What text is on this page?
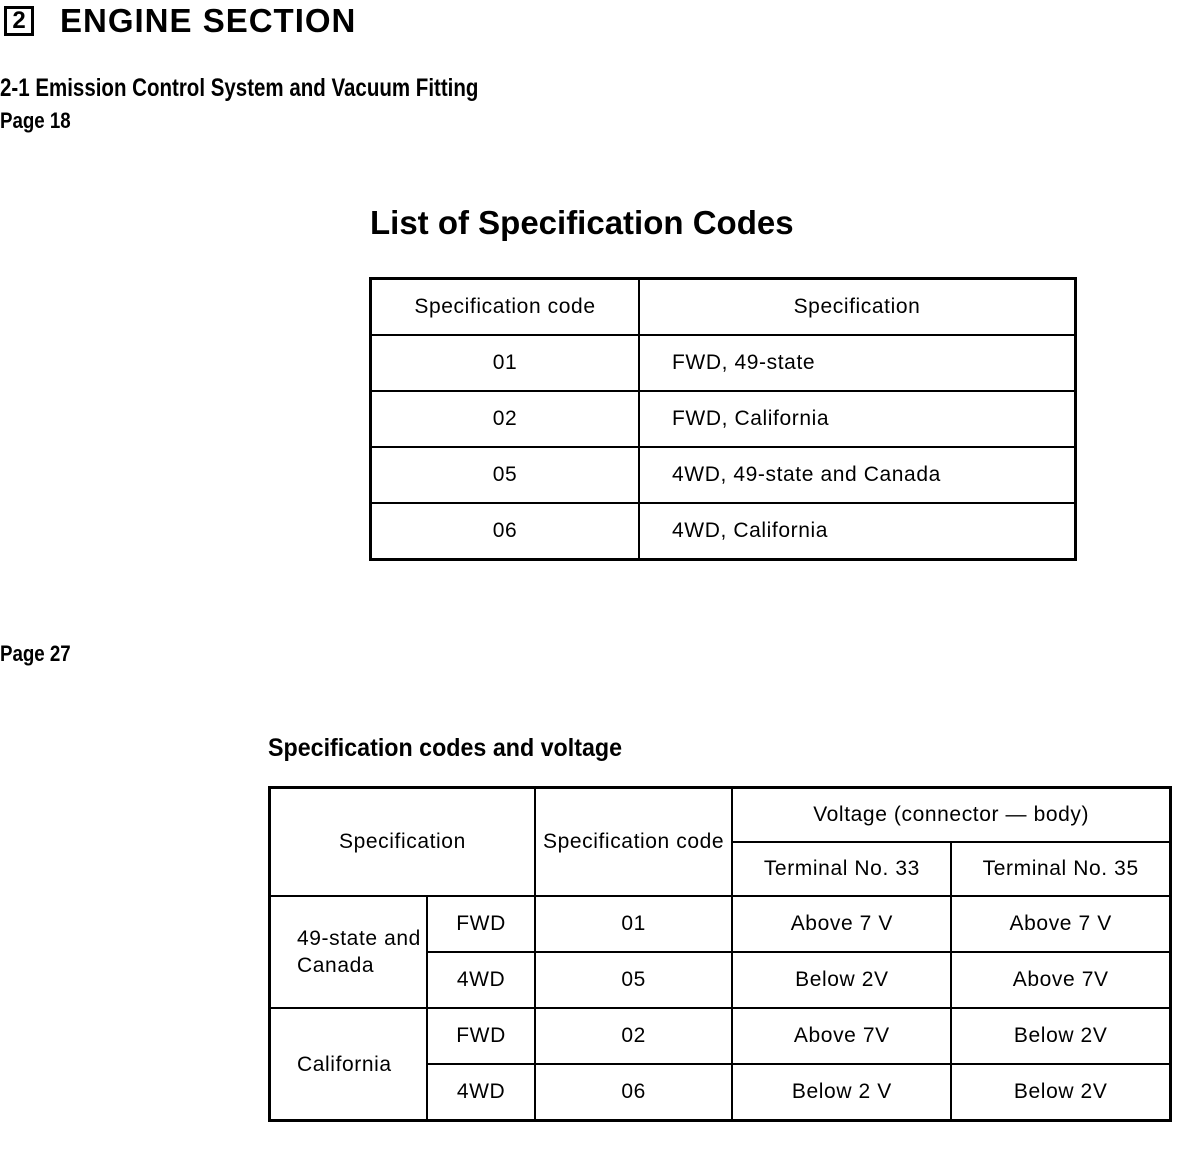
2 ENGINE SECTION
2-1 Emission Control System and Vacuum Fitting
Page 18
List of Specification Codes
Specification code	Specification
01	FWD, 49-state
02	FWD, California
05	4WD, 49-state and Canada
06	4WD, California
Page 27
Specification codes and voltage
Specification		Specification code	Voltage (connector — body)	
			Terminal No. 33	Terminal No. 35
49-state and Canada	FWD	01	Above 7 V	Above 7 V
	4WD	05	Below 2V	Above 7V
California	FWD	02	Above 7V	Below 2V
	4WD	06	Below 2 V	Below 2V
